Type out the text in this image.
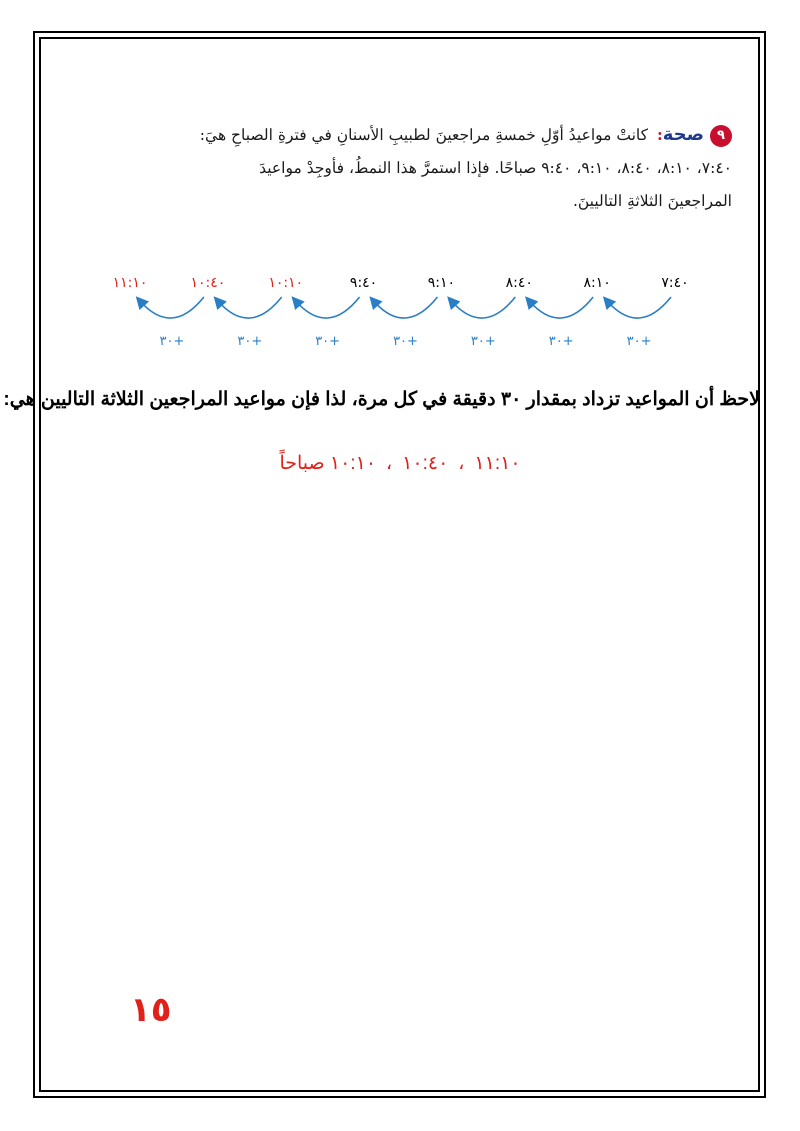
٩صحة: كانتْ مواعيدُ أوّلِ خمسةِ مراجعينَ لطبيبِ الأسنانِ في فترةِ الصباحِ هيَ:
٧:٤٠، ٨:١٠، ٨:٤٠، ٩:١٠، ٩:٤٠ صباحًا. فإذا استمرَّ هذا النمطُ، فأوجِدْ مواعيدَ
المراجعينَ الثلاثةِ التاليينَ.
٧:٤٠
٨:١٠
٨:٤٠
٩:١٠
٩:٤٠
١٠:١٠
١٠:٤٠
١١:١٠
+٣٠
+٣٠
+٣٠
+٣٠
+٣٠
+٣٠
+٣٠
لاحظ أن المواعيد تزداد بمقدار ٣٠ دقيقة في كل مرة، لذا فإن مواعيد المراجعين الثلاثة التاليين هي:
١٠:١٠ ، ١٠:٤٠ ،١١:١٠ صباحاً
١٥
